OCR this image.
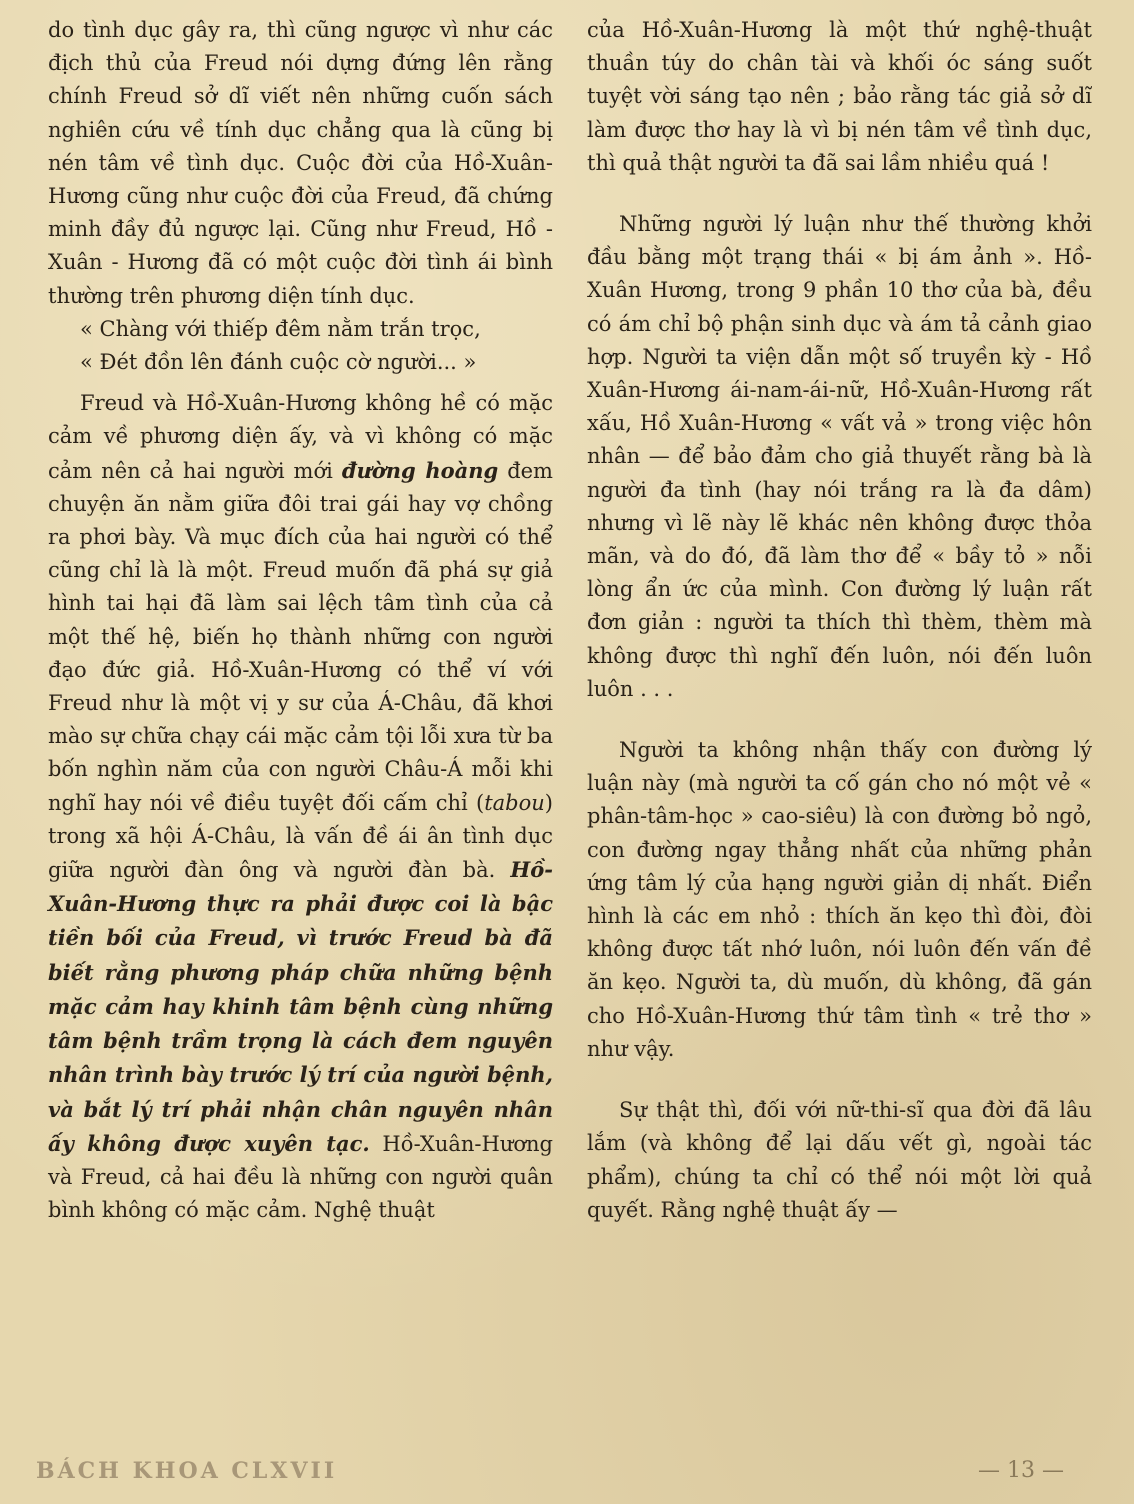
do tình dục gây ra, thì cũng ngược vì như các địch thủ của Freud nói dựng đứng lên rằng chính Freud sở dĩ viết nên những cuốn sách nghiên cứu về tính dục chẳng qua là cũng bị nén tâm về tình dục. Cuộc đời của Hồ-Xuân-Hương cũng như cuộc đời của Freud, đã chứng minh đầy đủ ngược lại. Cũng như Freud, Hồ - Xuân - Hương đã có một cuộc đời tình ái bình thường trên phương diện tính dục.

« Chàng với thiếp đêm nằm trắn trọc,

« Đét đồn lên đánh cuộc cờ người... »

Freud và Hồ-Xuân-Hương không hề có mặc cảm về phương diện ấy, và vì không có mặc cảm nên cả hai người mới đường hoàng đem chuyện ăn nằm giữa đôi trai gái hay vợ chồng ra phơi bày. Và mục đích của hai người có thể cũng chỉ là là một. Freud muốn đã phá sự giả hình tai hại đã làm sai lệch tâm tình của cả một thế hệ, biến họ thành những con người đạo đức giả. Hồ-Xuân-Hương có thể ví với Freud như là một vị y sư của Á-Châu, đã khơi mào sự chữa chạy cái mặc cảm tội lỗi xưa từ ba bốn nghìn năm của con người Châu-Á mỗi khi nghĩ hay nói về điều tuyệt đối cấm chỉ (tabou) trong xã hội Á-Châu, là vấn đề ái ân tình dục giữa người đàn ông và người đàn bà. Hồ-Xuân-Hương thực ra phải được coi là bậc tiền bối của Freud, vì trước Freud bà đã biết rằng phương pháp chữa những bệnh mặc cảm hay khinh tâm bệnh cùng những tâm bệnh trầm trọng là cách đem nguyên nhân trình bày trước lý trí của người bệnh, và bắt lý trí phải nhận chân nguyên nhân ấy không được xuyên tạc. Hồ-Xuân-Hương và Freud, cả hai đều là những con người quân bình không có mặc cảm. Nghệ thuật

của Hồ-Xuân-Hương là một thứ nghệ-thuật thuần túy do chân tài và khối óc sáng suốt tuyệt vời sáng tạo nên ; bảo rằng tác giả sở dĩ làm được thơ hay là vì bị nén tâm về tình dục, thì quả thật người ta đã sai lầm nhiều quá !

Những người lý luận như thế thường khởi đầu bằng một trạng thái « bị ám ảnh ». Hồ-Xuân Hương, trong 9 phần 10 thơ của bà, đều có ám chỉ bộ phận sinh dục và ám tả cảnh giao hợp. Người ta viện dẫn một số truyền kỳ - Hồ Xuân-Hương ái-nam-ái-nữ, Hồ-Xuân-Hương rất xấu, Hồ Xuân-Hương « vất vả » trong việc hôn nhân — để bảo đảm cho giả thuyết rằng bà là người đa tình (hay nói trắng ra là đa dâm) nhưng vì lẽ này lẽ khác nên không được thỏa mãn, và do đó, đã làm thơ để « bầy tỏ » nỗi lòng ẩn ức của mình. Con đường lý luận rất đơn giản : người ta thích thì thèm, thèm mà không được thì nghĩ đến luôn, nói đến luôn luôn . . .

Người ta không nhận thấy con đường lý luận này (mà người ta cố gán cho nó một vẻ « phân-tâm-học » cao-siêu) là con đường bỏ ngỏ, con đường ngay thẳng nhất của những phản ứng tâm lý của hạng người giản dị nhất. Điển hình là các em nhỏ : thích ăn kẹo thì đòi, đòi không được tất nhớ luôn, nói luôn đến vấn đề ăn kẹo. Người ta, dù muốn, dù không, đã gán cho Hồ-Xuân-Hương thứ tâm tình « trẻ thơ » như vậy.

Sự thật thì, đối với nữ-thi-sĩ qua đời đã lâu lắm (và không để lại dấu vết gì, ngoài tác phẩm), chúng ta chỉ có thể nói một lời quả quyết. Rằng nghệ thuật ấy —

BÁCH KHOA CLXVII	— 13 —
